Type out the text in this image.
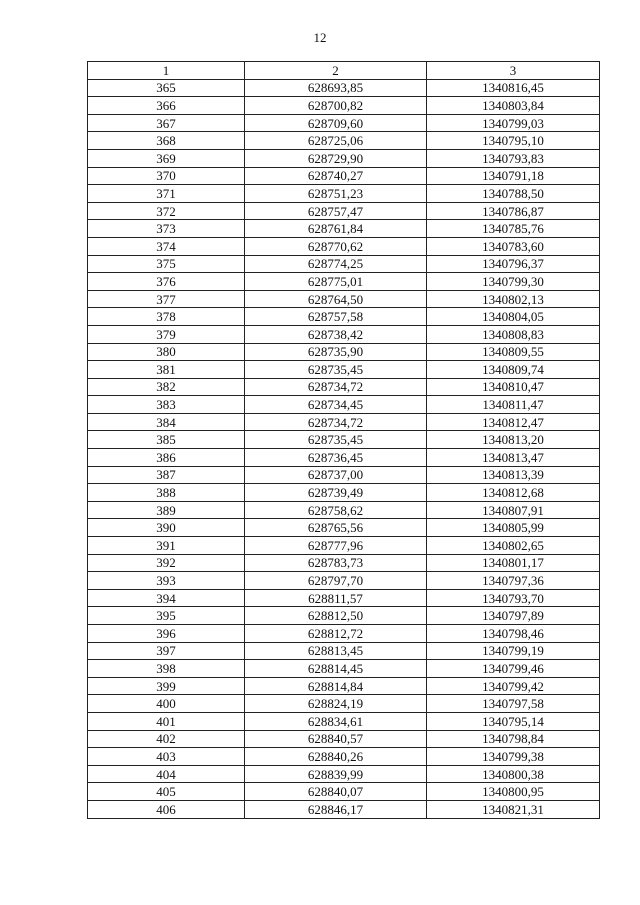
12
1	2	3
365	628693,85	1340816,45
366	628700,82	1340803,84
367	628709,60	1340799,03
368	628725,06	1340795,10
369	628729,90	1340793,83
370	628740,27	1340791,18
371	628751,23	1340788,50
372	628757,47	1340786,87
373	628761,84	1340785,76
374	628770,62	1340783,60
375	628774,25	1340796,37
376	628775,01	1340799,30
377	628764,50	1340802,13
378	628757,58	1340804,05
379	628738,42	1340808,83
380	628735,90	1340809,55
381	628735,45	1340809,74
382	628734,72	1340810,47
383	628734,45	1340811,47
384	628734,72	1340812,47
385	628735,45	1340813,20
386	628736,45	1340813,47
387	628737,00	1340813,39
388	628739,49	1340812,68
389	628758,62	1340807,91
390	628765,56	1340805,99
391	628777,96	1340802,65
392	628783,73	1340801,17
393	628797,70	1340797,36
394	628811,57	1340793,70
395	628812,50	1340797,89
396	628812,72	1340798,46
397	628813,45	1340799,19
398	628814,45	1340799,46
399	628814,84	1340799,42
400	628824,19	1340797,58
401	628834,61	1340795,14
402	628840,57	1340798,84
403	628840,26	1340799,38
404	628839,99	1340800,38
405	628840,07	1340800,95
406	628846,17	1340821,31
